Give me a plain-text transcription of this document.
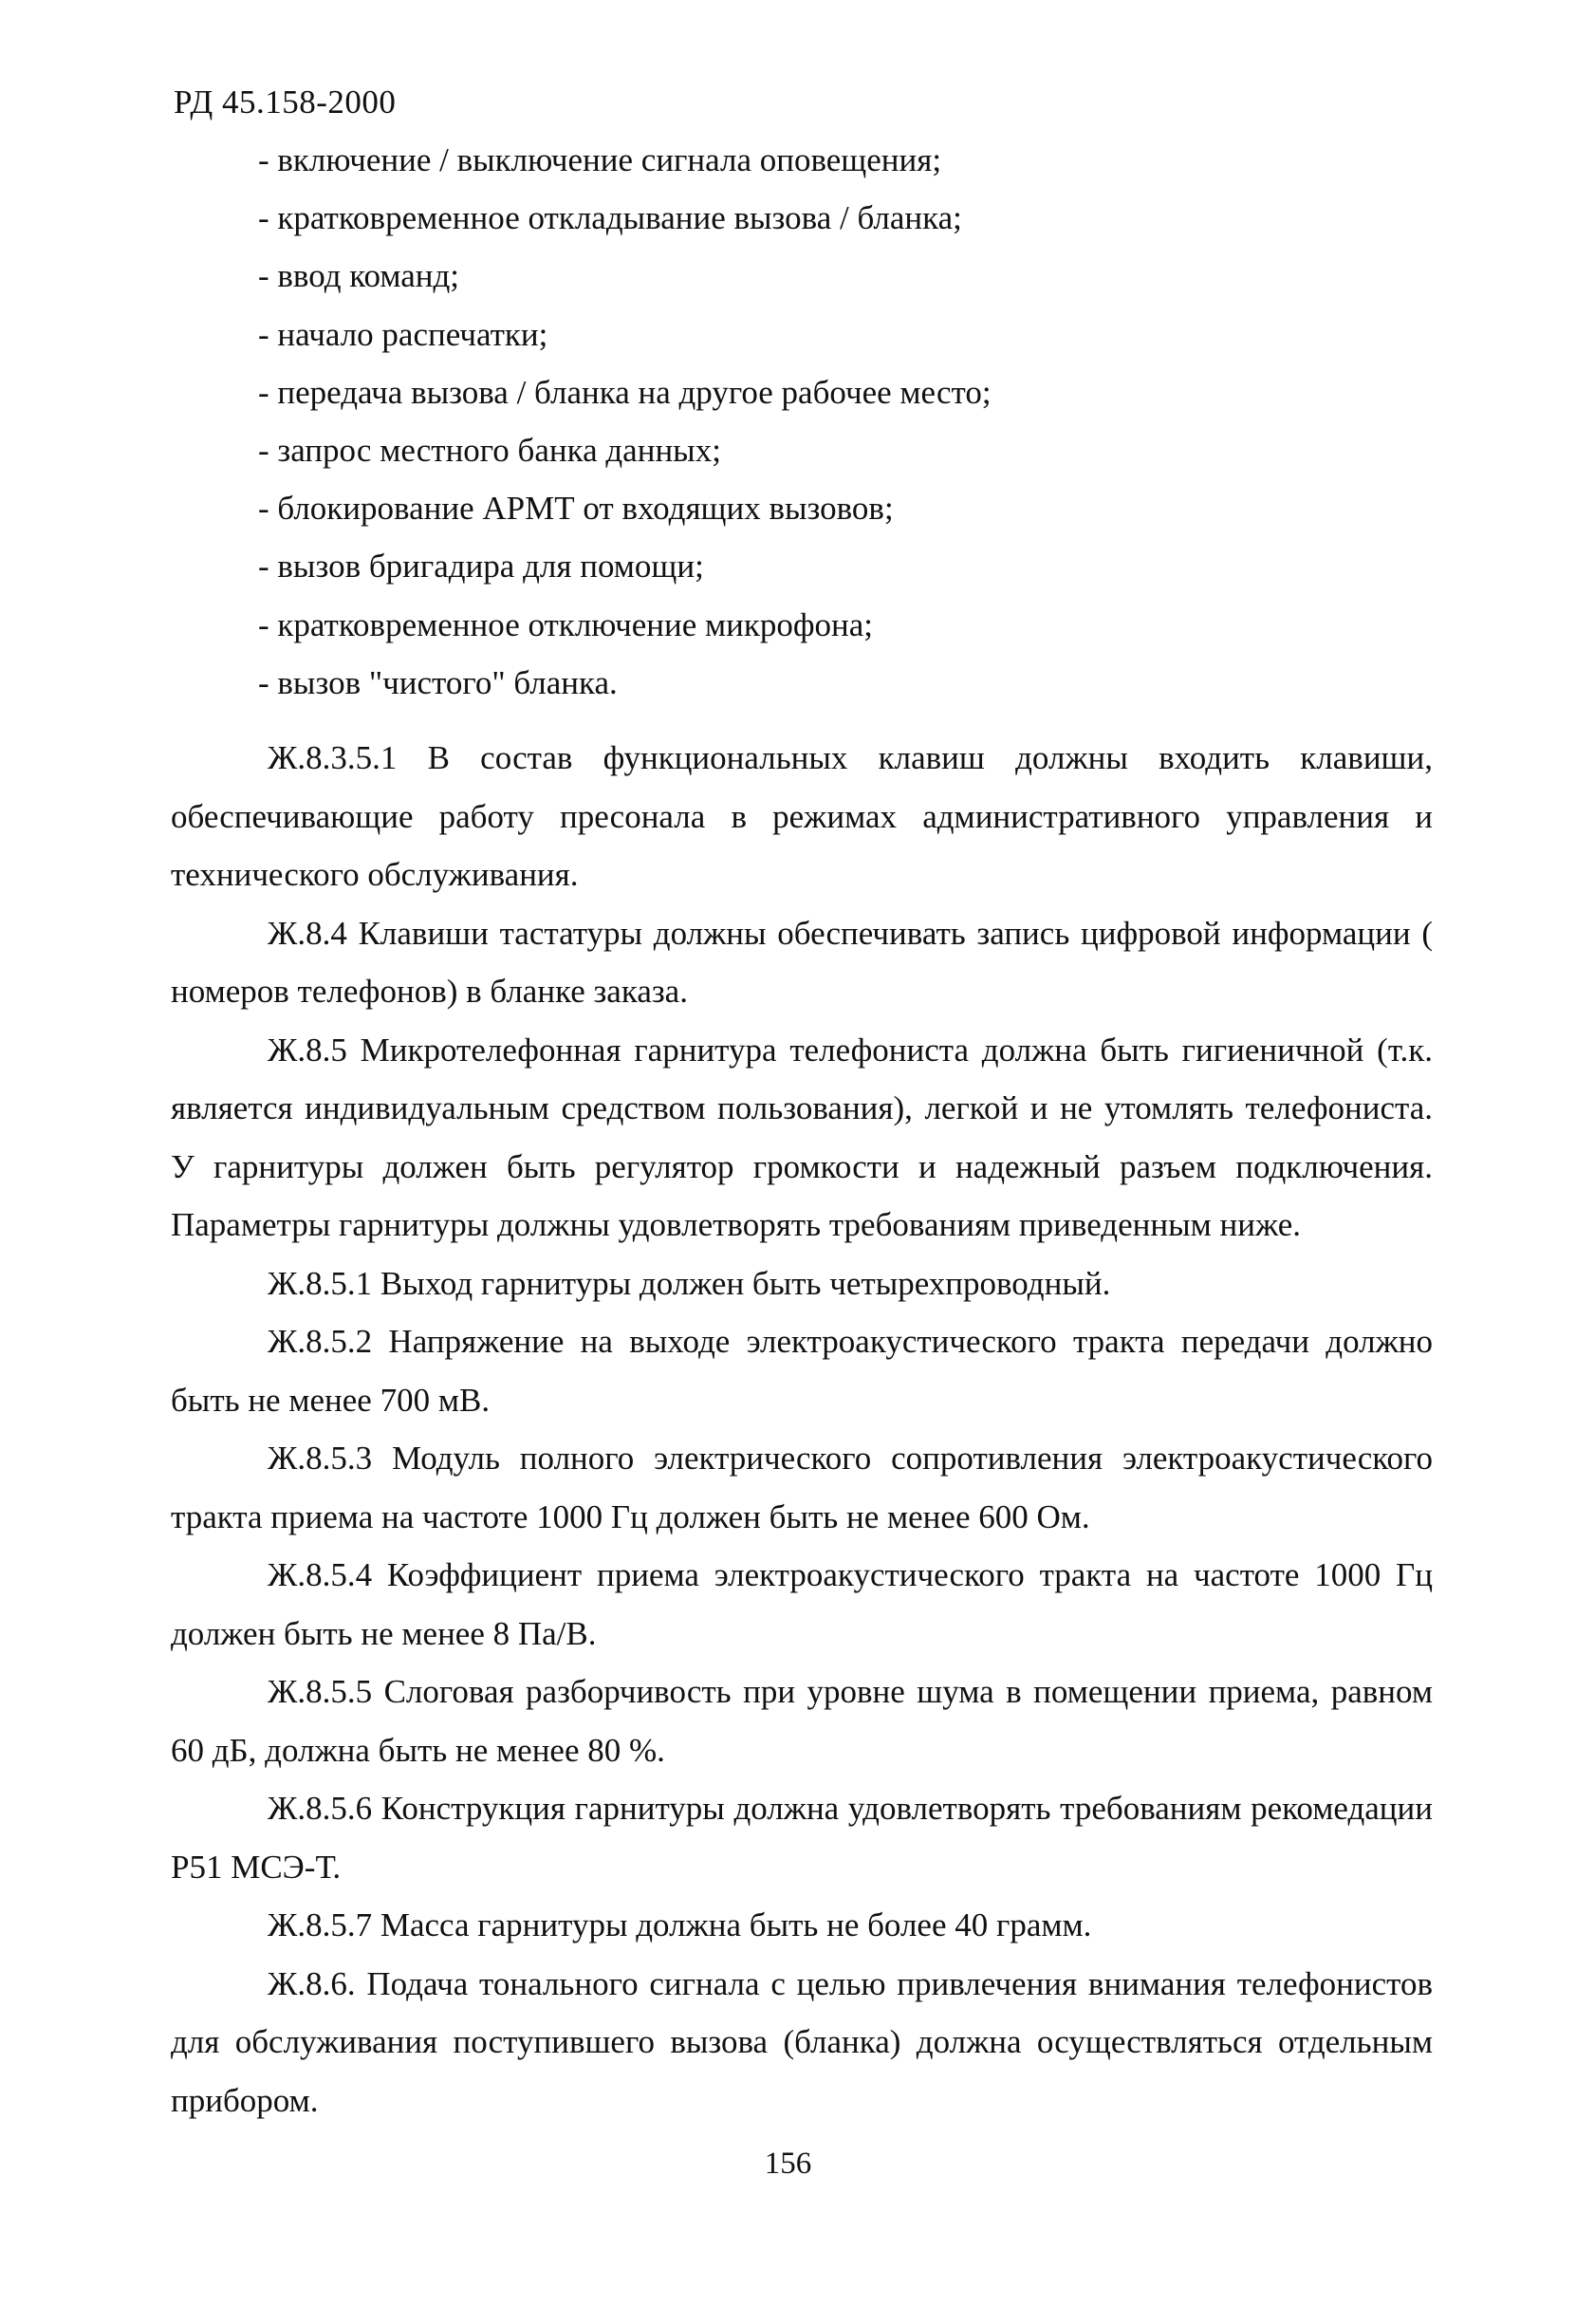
РД 45.158-2000
- включение / выключение сигнала оповещения;
- кратковременное откладывание вызова / бланка;
- ввод команд;
- начало распечатки;
- передача вызова / бланка на другое рабочее место;
- запрос местного банка данных;
- блокирование АРМТ от входящих вызовов;
- вызов бригадира для помощи;
- кратковременное отключение микрофона;
- вызов "чистого" бланка.

Ж.8.3.5.1 В состав функциональных клавиш должны входить клавиши, обеспечивающие работу пресонала в режимах административного управления и технического обслуживания.

Ж.8.4 Клавиши тастатуры должны обеспечивать запись цифровой информации ( номеров телефонов) в бланке заказа.

Ж.8.5 Микротелефонная гарнитура телефониста должна быть гигиеничной (т.к. является индивидуальным средством пользования), легкой и не утомлять телефониста. У гарнитуры должен быть регулятор громкости и надежный разъем подключения. Параметры гарнитуры должны удовлетворять требованиям приведенным ниже.

Ж.8.5.1 Выход гарнитуры должен быть четырехпроводный.

Ж.8.5.2 Напряжение на выходе электроакустического тракта передачи должно быть не менее 700 мВ.

Ж.8.5.3 Модуль полного электрического сопротивления электроакустического тракта приема на частоте 1000 Гц должен быть не менее 600 Ом.

Ж.8.5.4 Коэффициент приема электроакустического тракта на частоте 1000 Гц должен быть не менее 8 Па/В.

Ж.8.5.5 Слоговая разборчивость при уровне шума в помещении приема, равном 60 дБ, должна быть не менее 80 %.

Ж.8.5.6 Конструкция гарнитуры должна удовлетворять требованиям рекомедации Р51 МСЭ-Т.

Ж.8.5.7 Масса гарнитуры должна быть не более 40 грамм.

Ж.8.6. Подача тонального сигнала с целью привлечения внимания телефонистов для обслуживания поступившего вызова (бланка) должна осуществляться отдельным прибором.

156
